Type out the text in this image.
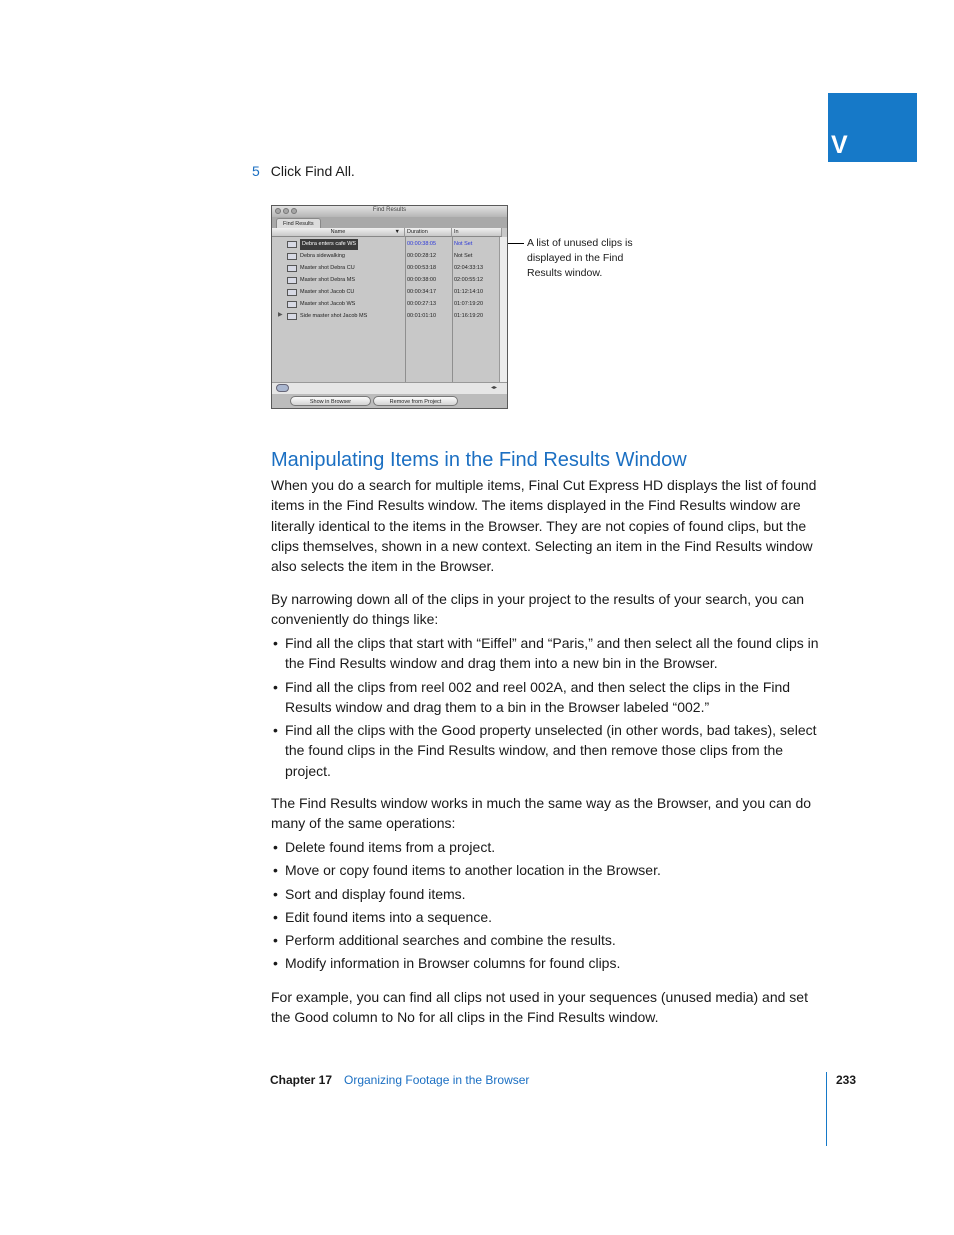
V
5 Click Find All.
Find Results
Find Results
Name	▼	Duration	In
Debra enters cafe WS	00:00:38:05	Not Set
Debra sidewalking	00:00:28:12	Not Set
Master shot Debra CU	00:00:53:18	02:04:33:13
Master shot Debra MS	00:00:38:00	02:00:55:12
Master shot Jacob CU	00:00:34:17	01:12:14:10
Master shot Jacob WS	00:00:27:13	01:07:19:20
▶	Side master shot Jacob MS	00:01:01:10	01:16:19:20
◂▸
Show in Browser	Remove from Project
A list of unused clips is displayed in the Find Results window.
Manipulating Items in the Find Results Window
When you do a search for multiple items, Final Cut Express HD displays the list of found items in the Find Results window. The items displayed in the Find Results window are literally identical to the items in the Browser. They are not copies of found clips, but the clips themselves, shown in a new context. Selecting an item in the Find Results window also selects the item in the Browser.
By narrowing down all of the clips in your project to the results of your search, you can conveniently do things like:
• Find all the clips that start with “Eiffel” and “Paris,” and then select all the found clips in the Find Results window and drag them into a new bin in the Browser.
• Find all the clips from reel 002 and reel 002A, and then select the clips in the Find Results window and drag them to a bin in the Browser labeled “002.”
• Find all the clips with the Good property unselected (in other words, bad takes), select the found clips in the Find Results window, and then remove those clips from the project.
The Find Results window works in much the same way as the Browser, and you can do many of the same operations:
• Delete found items from a project.
• Move or copy found items to another location in the Browser.
• Sort and display found items.
• Edit found items into a sequence.
• Perform additional searches and combine the results.
• Modify information in Browser columns for found clips.
For example, you can find all clips not used in your sequences (unused media) and set the Good column to No for all clips in the Find Results window.
Chapter 17 Organizing Footage in the Browser	233
